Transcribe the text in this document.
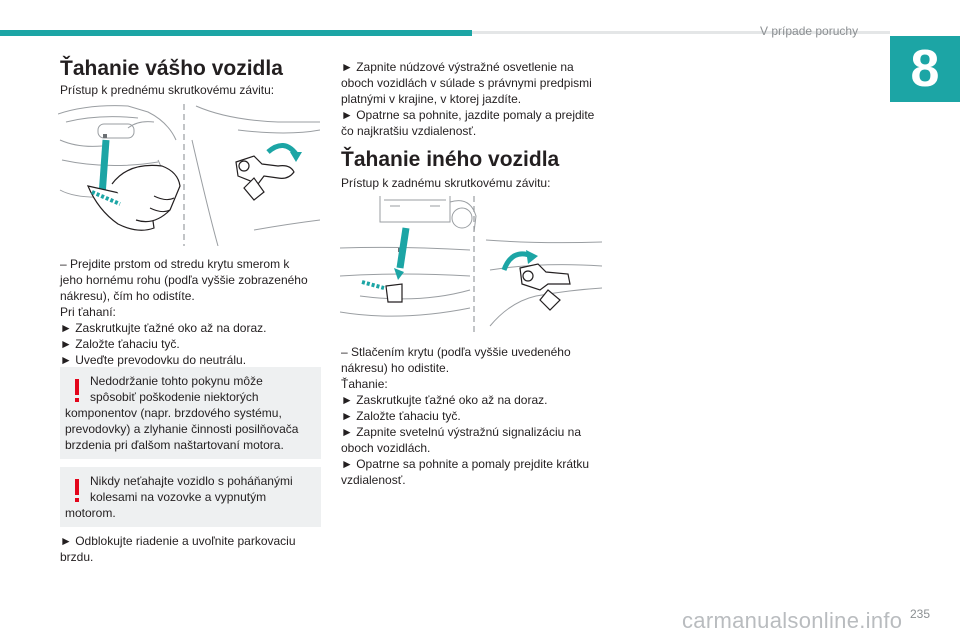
V prípade poruchy
8
Ťahanie vášho vozidla
Prístup k prednému skrutkovému závitu:

– Prejdite prstom od stredu krytu smerom k

jeho hornému rohu (podľa vyššie zobrazeného

nákresu), čím ho odistíte.

Pri ťahaní:

► Zaskrutkujte ťažné oko až na doraz.

► Založte ťahaciu tyč.

► Uveďte prevodovku do neutrálu.

Nedodržanie tohto pokynu môže
spôsobiť poškodenie niektorých
komponentov (napr. brzdového systému,
prevodovky) a zlyhanie činnosti posilňovača
brzdenia pri ďalšom naštartovaní motora.
Nikdy neťahajte vozidlo s poháňanými
kolesami na vozovke a vypnutým
motorom.

► Odblokujte riadenie a uvoľnite parkovaciu

brzdu.

► Zapnite núdzové výstražné osvetlenie na

oboch vozidlách v súlade s právnymi predpismi

platnými v krajine, v ktorej jazdíte.

► Opatrne sa pohnite, jazdite pomaly a prejdite

čo najkratšiu vzdialenosť.

Ťahanie iného vozidla
Prístup k zadnému skrutkovému závitu:

– Stlačením krytu (podľa vyššie uvedeného

nákresu) ho odistite.

Ťahanie:

► Zaskrutkujte ťažné oko až na doraz.

► Založte ťahaciu tyč.

► Zapnite svetelnú výstražnú signalizáciu na

oboch vozidlách.

► Opatrne sa pohnite a pomaly prejdite krátku

vzdialenosť.

235
carmanualsonline.info
